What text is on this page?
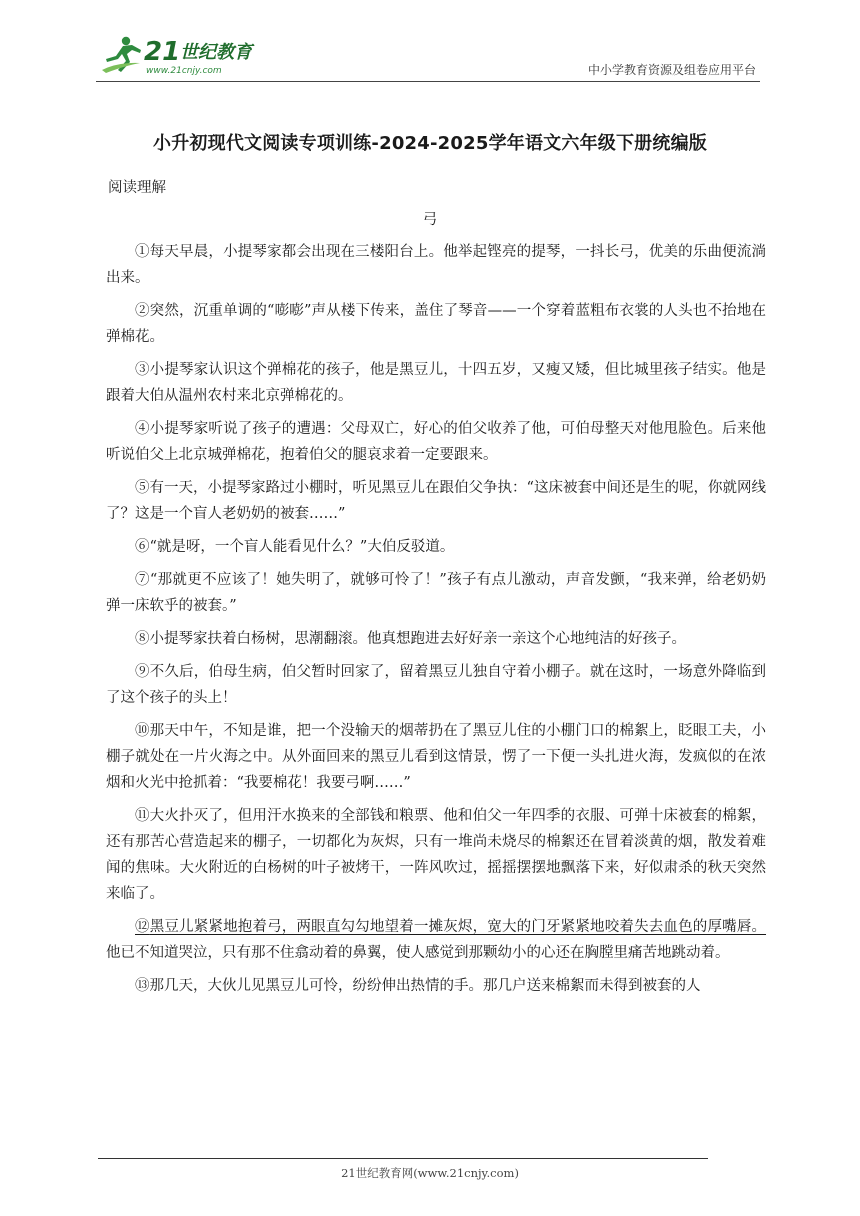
21 世纪教育
www.21cnjy.com	中小学教育资源及组卷应用平台
小升初现代文阅读专项训练-2024-2025学年语文六年级下册统编版
阅读理解
弓

①每天早晨，小提琴家都会出现在三楼阳台上。他举起铿亮的提琴，一抖长弓，优美的乐曲便流淌出来。

②突然，沉重单调的“嘭嘭”声从楼下传来，盖住了琴音——一个穿着蓝粗布衣裳的人头也不抬地在弹棉花。

③小提琴家认识这个弹棉花的孩子，他是黑豆儿，十四五岁，又瘦又矮，但比城里孩子结实。他是跟着大伯从温州农村来北京弹棉花的。

④小提琴家听说了孩子的遭遇：父母双亡，好心的伯父收养了他，可伯母整天对他甩脸色。后来他听说伯父上北京城弹棉花，抱着伯父的腿哀求着一定要跟来。

⑤有一天，小提琴家路过小棚时，听见黑豆儿在跟伯父争执：“这床被套中间还是生的呢，你就网线了？这是一个盲人老奶奶的被套……”

⑥“就是呀，一个盲人能看见什么？”大伯反驳道。

⑦“那就更不应该了！她失明了，就够可怜了！”孩子有点儿激动，声音发颤，“我来弹，给老奶奶弹一床软乎的被套。”

⑧小提琴家扶着白杨树，思潮翻滚。他真想跑进去好好亲一亲这个心地纯洁的好孩子。

⑨不久后，伯母生病，伯父暂时回家了，留着黑豆儿独自守着小棚子。就在这时，一场意外降临到了这个孩子的头上！

⑩那天中午，不知是谁，把一个没输天的烟蒂扔在了黑豆儿住的小棚门口的棉絮上，眨眼工夫，小棚子就处在一片火海之中。从外面回来的黑豆儿看到这情景，愣了一下便一头扎进火海，发疯似的在浓烟和火光中抢抓着：“我要棉花！我要弓啊……”

⑪大火扑灭了，但用汗水换来的全部钱和粮票、他和伯父一年四季的衣服、可弹十床被套的棉絮，还有那苦心营造起来的棚子，一切都化为灰烬，只有一堆尚未烧尽的棉絮还在冒着淡黄的烟，散发着难闻的焦味。大火附近的白杨树的叶子被烤干，一阵风吹过，摇摇摆摆地飘落下来，好似肃杀的秋天突然来临了。

⑫黑豆儿紧紧地抱着弓，两眼直勾勾地望着一摊灰烬，宽大的门牙紧紧地咬着失去血色的厚嘴唇。他已不知道哭泣，只有那不住翕动着的鼻翼，使人感觉到那颗幼小的心还在胸膛里痛苦地跳动着。

⑬那几天，大伙儿见黑豆儿可怜，纷纷伸出热情的手。那几户送来棉絮而未得到被套的人

21世纪教育网(www.21cnjy.com)
